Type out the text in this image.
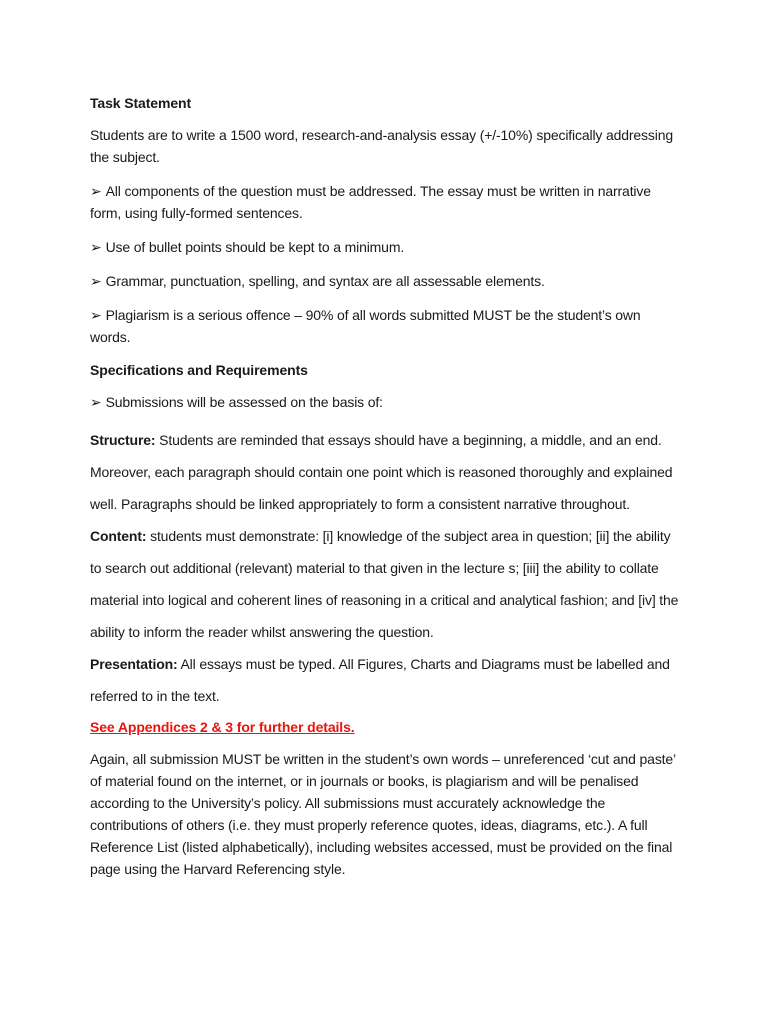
Task Statement
Students are to write a 1500 word, research-and-analysis essay (+/-10%) specifically addressing the subject.
➢ All components of the question must be addressed. The essay must be written in narrative form, using fully-formed sentences.
➢ Use of bullet points should be kept to a minimum.
➢ Grammar, punctuation, spelling, and syntax are all assessable elements.
➢ Plagiarism is a serious offence – 90% of all words submitted MUST be the student’s own words.
Specifications and Requirements
➢ Submissions will be assessed on the basis of:
Structure: Students are reminded that essays should have a beginning, a middle, and an end. Moreover, each paragraph should contain one point which is reasoned thoroughly and explained well. Paragraphs should be linked appropriately to form a consistent narrative throughout.
Content: students must demonstrate: [i] knowledge of the subject area in question; [ii] the ability to search out additional (relevant) material to that given in the lecture s; [iii] the ability to collate material into logical and coherent lines of reasoning in a critical and analytical fashion; and [iv] the ability to inform the reader whilst answering the question.
Presentation: All essays must be typed. All Figures, Charts and Diagrams must be labelled and referred to in the text.
See Appendices 2 & 3 for further details.
Again, all submission MUST be written in the student’s own words – unreferenced ‘cut and paste’ of material found on the internet, or in journals or books, is plagiarism and will be penalised according to the University’s policy. All submissions must accurately acknowledge the contributions of others (i.e. they must properly reference quotes, ideas, diagrams, etc.). A full Reference List (listed alphabetically), including websites accessed, must be provided on the final page using the Harvard Referencing style.
